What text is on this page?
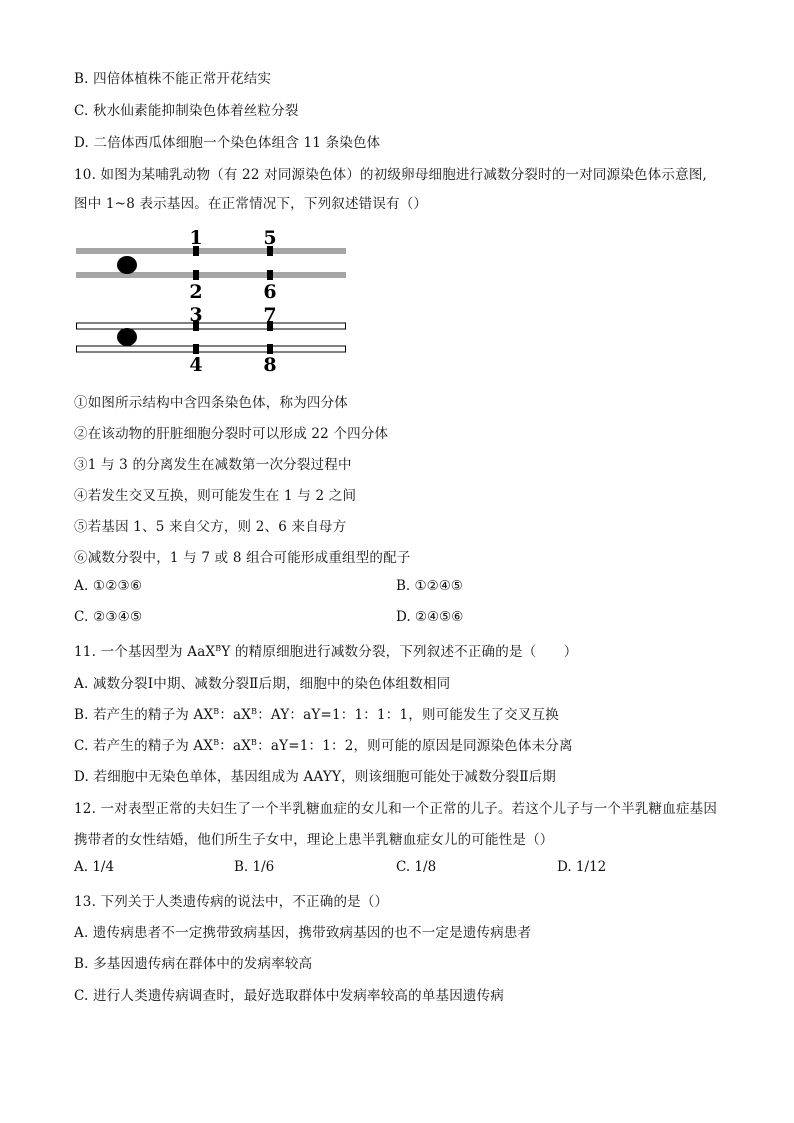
B. 四倍体植株不能正常开花结实
C. 秋水仙素能抑制染色体着丝粒分裂
D. 二倍体西瓜体细胞一个染色体组含 11 条染色体
10. 如图为某哺乳动物（有 22 对同源染色体）的初级卵母细胞进行减数分裂时的一对同源染色体示意图,
图中 1~8 表示基因。在正常情况下，下列叙述错误有（）
1	5
2	6
3	7
4	8
①如图所示结构中含四条染色体，称为四分体
②在该动物的肝脏细胞分裂时可以形成 22 个四分体
③1 与 3 的分离发生在减数第一次分裂过程中
④若发生交叉互换，则可能发生在 1 与 2 之间
⑤若基因 1、5 来自父方，则 2、6 来自母方
⑥减数分裂中，1 与 7 或 8 组合可能形成重组型的配子
A. ①②③⑥	B. ①②④⑤
C. ②③④⑤	D. ②④⑤⑥
11. 一个基因型为 AaX$^B$Y 的精原细胞进行减数分裂，下列叙述不正确的是（　　）
A. 减数分裂Ⅰ中期、减数分裂Ⅱ后期，细胞中的染色体组数相同
B. 若产生的精子为 $AX^B$：$aX^B$：AY：aY=1：1：1：1，则可能发生了交叉互换
C. 若产生的精子为 $AX^B$：$aX^B$：aY=1：1：2，则可能的原因是同源染色体未分离
D. 若细胞中无染色单体，基因组成为 AAYY，则该细胞可能处于减数分裂Ⅱ后期
12. 一对表型正常的夫妇生了一个半乳糖血症的女儿和一个正常的儿子。若这个儿子与一个半乳糖血症基因
携带者的女性结婚，他们所生子女中，理论上患半乳糖血症女儿的可能性是（）
A. 1/4	B. 1/6	C. 1/8	D. 1/12
13. 下列关于人类遗传病的说法中，不正确的是（）
A. 遗传病患者不一定携带致病基因，携带致病基因的也不一定是遗传病患者
B. 多基因遗传病在群体中的发病率较高
C. 进行人类遗传病调查时，最好选取群体中发病率较高的单基因遗传病
